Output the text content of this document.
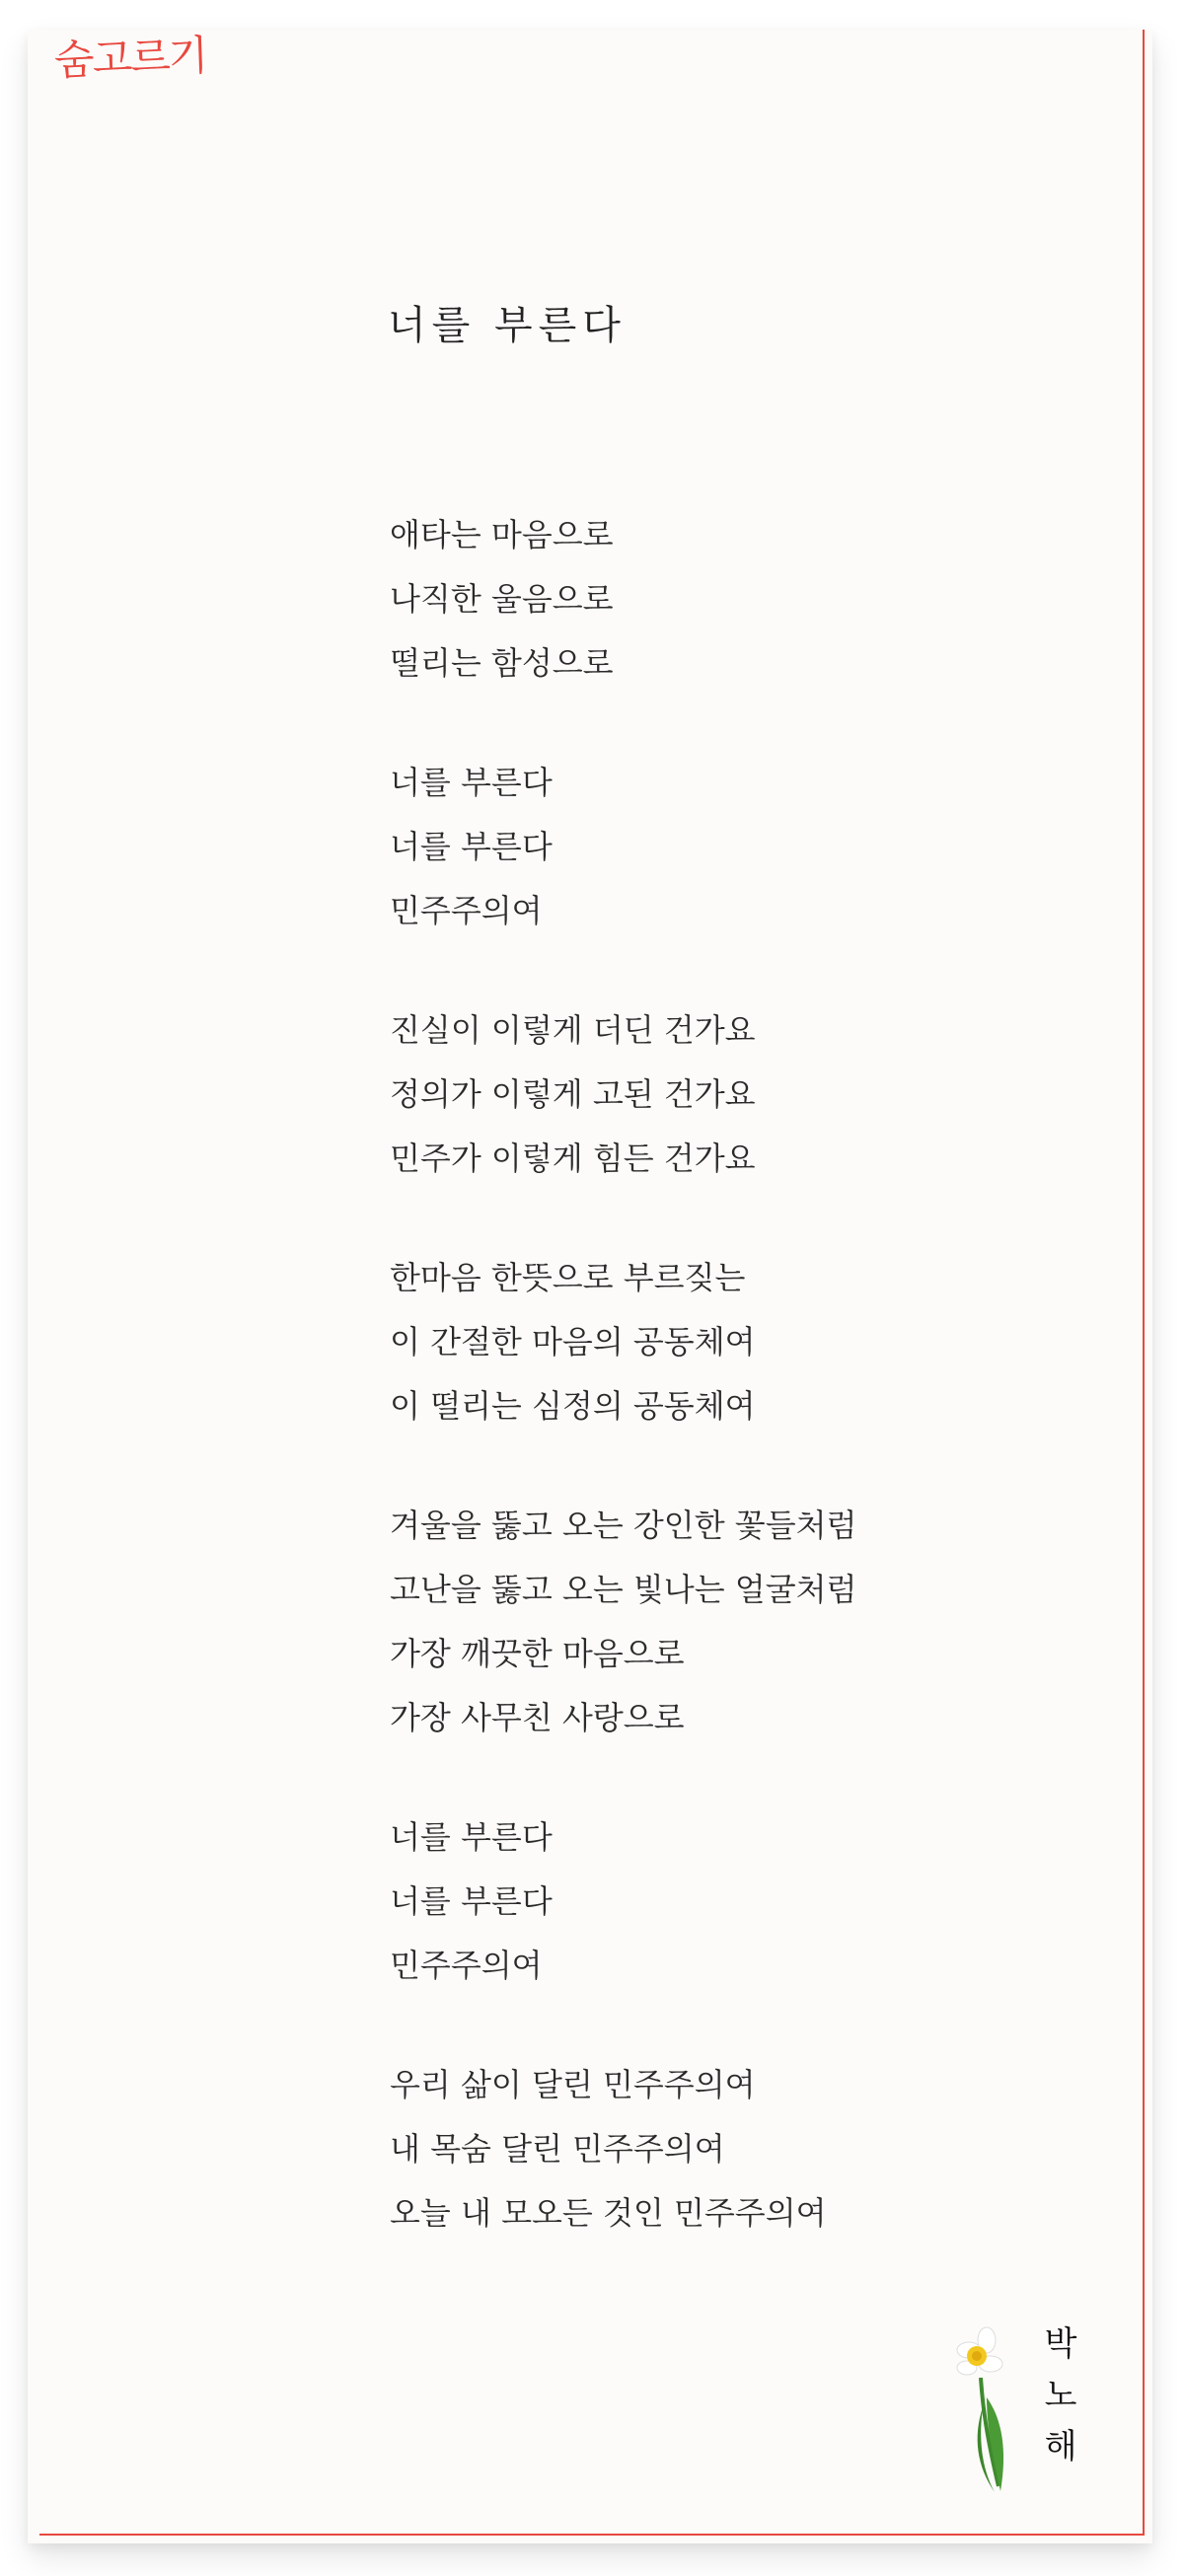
숨고르기
너를 부른다
애타는 마음으로
나직한 울음으로
떨리는 함성으로
너를 부른다
너를 부른다
민주주의여
진실이 이렇게 더딘 건가요
정의가 이렇게 고된 건가요
민주가 이렇게 힘든 건가요
한마음 한뜻으로 부르짖는
이 간절한 마음의 공동체여
이 떨리는 심정의 공동체여
겨울을 뚫고 오는 강인한 꽃들처럼
고난을 뚫고 오는 빛나는 얼굴처럼
가장 깨끗한 마음으로
가장 사무친 사랑으로
너를 부른다
너를 부른다
민주주의여
우리 삶이 달린 민주주의여
내 목숨 달린 민주주의여
오늘 내 모오든 것인 민주주의여
박
노
해
